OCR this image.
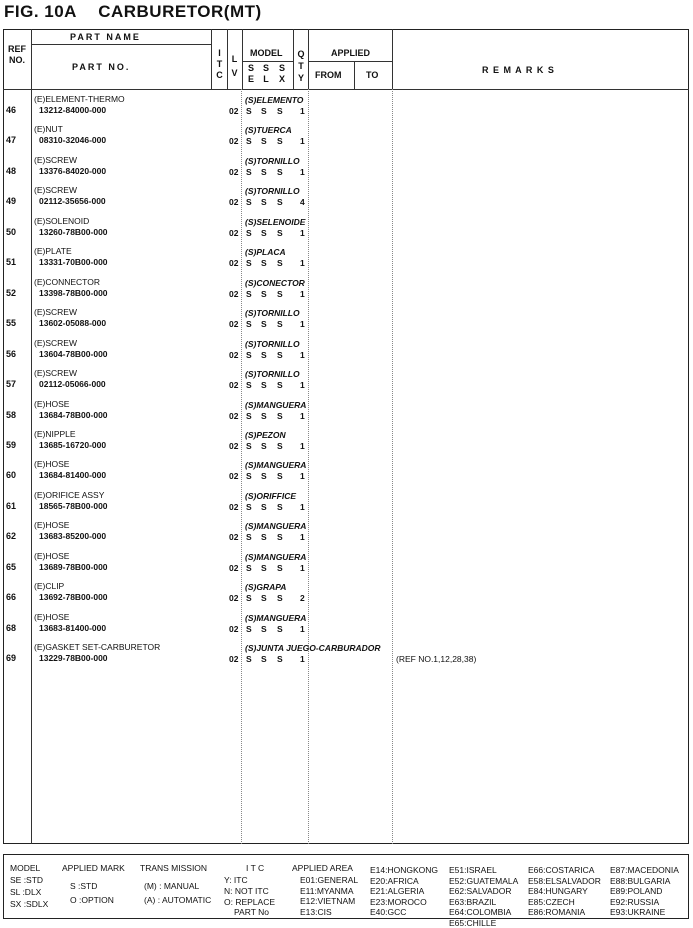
FIG. 10A CARBURETOR(MT)
REF
NO.
PART NAME
PART NO.
I
T
C
L
V
MODEL
S
E
S
L
S
X
Q
T
Y
APPLIED
FROM	TO	R E M A R K S
46
(E)ELEMENT-THERMO
13212-84000-000	02
(S)ELEMENTO
S S S 1
47
(E)NUT
08310-32046-000	02
(S)TUERCA
S S S 1
48
(E)SCREW
13376-84020-000	02
(S)TORNILLO
S S S 1
49
(E)SCREW
02112-35656-000	02
(S)TORNILLO
S S S 4
50
(E)SOLENOID
13260-78B00-000	02
(S)SELENOIDE
S S S 1
51
(E)PLATE
13331-70B00-000	02
(S)PLACA
S S S 1
52
(E)CONNECTOR
13398-78B00-000	02
(S)CONECTOR
S S S 1
55
(E)SCREW
13602-05088-000	02
(S)TORNILLO
S S S 1
56
(E)SCREW
13604-78B00-000	02
(S)TORNILLO
S S S 1
57
(E)SCREW
02112-05066-000	02
(S)TORNILLO
S S S 1
58
(E)HOSE
13684-78B00-000	02
(S)MANGUERA
S S S 1
59
(E)NIPPLE
13685-16720-000	02
(S)PEZON
S S S 1
60
(E)HOSE
13684-81400-000	02
(S)MANGUERA
S S S 1
61
(E)ORIFICE ASSY
18565-78B00-000	02
(S)ORIFFICE
S S S 1
62
(E)HOSE
13683-85200-000	02
(S)MANGUERA
S S S 1
65
(E)HOSE
13689-78B00-000	02
(S)MANGUERA
S S S 1
66
(E)CLIP
13692-78B00-000	02
(S)GRAPA
S S S 2
68
(E)HOSE
13683-81400-000	02
(S)MANGUERA
S S S 1
69
(E)GASKET SET-CARBURETOR
13229-78B00-000	02
(S)JUNTA JUEGO-CARBURADOR
S S S 1	(REF NO.1,12,28,38)
MODEL
SE :STD
SL :DLX
SX :SDLX
APPLIED MARK
S :STD
O :OPTION
TRANS MISSION
(M) : MANUAL
(A) : AUTOMATIC
I T C
Y: ITC
N: NOT ITC
O: REPLACE
PART No
APPLIED AREA
E01:GENERAL
E11:MYANMA
E12:VIETNAM
E13:CIS
E14:HONGKONG
E20:AFRICA
E21:ALGERIA
E23:MOROCO
E40:GCC
E51:ISRAEL
E52:GUATEMALA
E62:SALVADOR
E63:BRAZIL
E64:COLOMBIA
E65:CHILLE
E66:COSTARICA
E58:ELSALVADOR
E84:HUNGARY
E85:CZECH
E86:ROMANIA
E87:MACEDONIA
E88:BULGARIA
E89:POLAND
E92:RUSSIA
E93:UKRAINE
